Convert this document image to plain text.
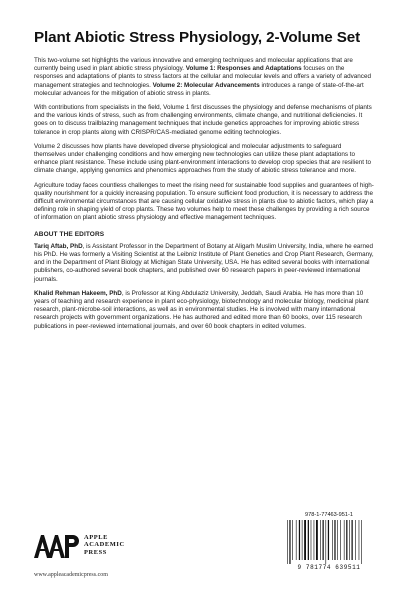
Plant Abiotic Stress Physiology, 2-Volume Set

This two-volume set highlights the various innovative and emerging techniques and molecular applications that are currently being used in plant abiotic stress physiology. Volume 1: Responses and Adaptations focuses on the responses and adaptations of plants to stress factors at the cellular and molecular levels and offers a variety of advanced management strategies and technologies. Volume 2: Molecular Advancements introduces a range of state-of-the-art molecular advances for the mitigation of abiotic stress in plants.

With contributions from specialists in the field, Volume 1 first discusses the physiology and defense mechanisms of plants and the various kinds of stress, such as from challenging environments, climate change, and nutritional deficiencies. It goes on to discuss trailblazing management techniques that include genetics approaches for improving abiotic stress tolerance in crop plants along with CRISPR/CAS-mediated genome editing technologies.

Volume 2 discusses how plants have developed diverse physiological and molecular adjustments to safeguard themselves under challenging conditions and how emerging new technologies can utilize these plant adaptations to enhance plant resistance. These include using plant-environment interactions to develop crop species that are resilient to climate change, applying genomics and phenomics approaches from the study of abiotic stress tolerance and more.

Agriculture today faces countless challenges to meet the rising need for sustainable food supplies and guarantees of high-quality nourishment for a quickly increasing population. To ensure sufficient food production, it is necessary to address the difficult environmental circumstances that are causing cellular oxidative stress in plants due to abiotic factors, which play a defining role in shaping yield of crop plants. These two volumes help to meet these challenges by providing a rich source of information on plant abiotic stress physiology and effective management techniques.

ABOUT THE EDITORS

Tariq Aftab, PhD, is Assistant Professor in the Department of Botany at Aligarh Muslim University, India, where he earned his PhD. He was formerly a Visiting Scientist at the Leibniz Institute of Plant Genetics and Crop Plant Research, Germany, and in the Department of Plant Biology at Michigan State University, USA. He has edited several books with international publishers, co-authored several book chapters, and published over 60 research papers in peer-reviewed international journals.

Khalid Rehman Hakeem, PhD, is Professor at King Abdulaziz University, Jeddah, Saudi Arabia. He has more than 10 years of teaching and research experience in plant eco-physiology, biotechnology and molecular biology, medicinal plant research, plant-microbe-soil interactions, as well as in environmental studies. He is involved with many international research projects with government organizations. He has authored and edited more than 60 books, over 115 research publications in peer-reviewed international journals, and over 60 book chapters in edited volumes.

APPLE
ACADEMIC
PRESS
www.appleacademicpress.com
978-1-77463-951-1
9 781774 639511
